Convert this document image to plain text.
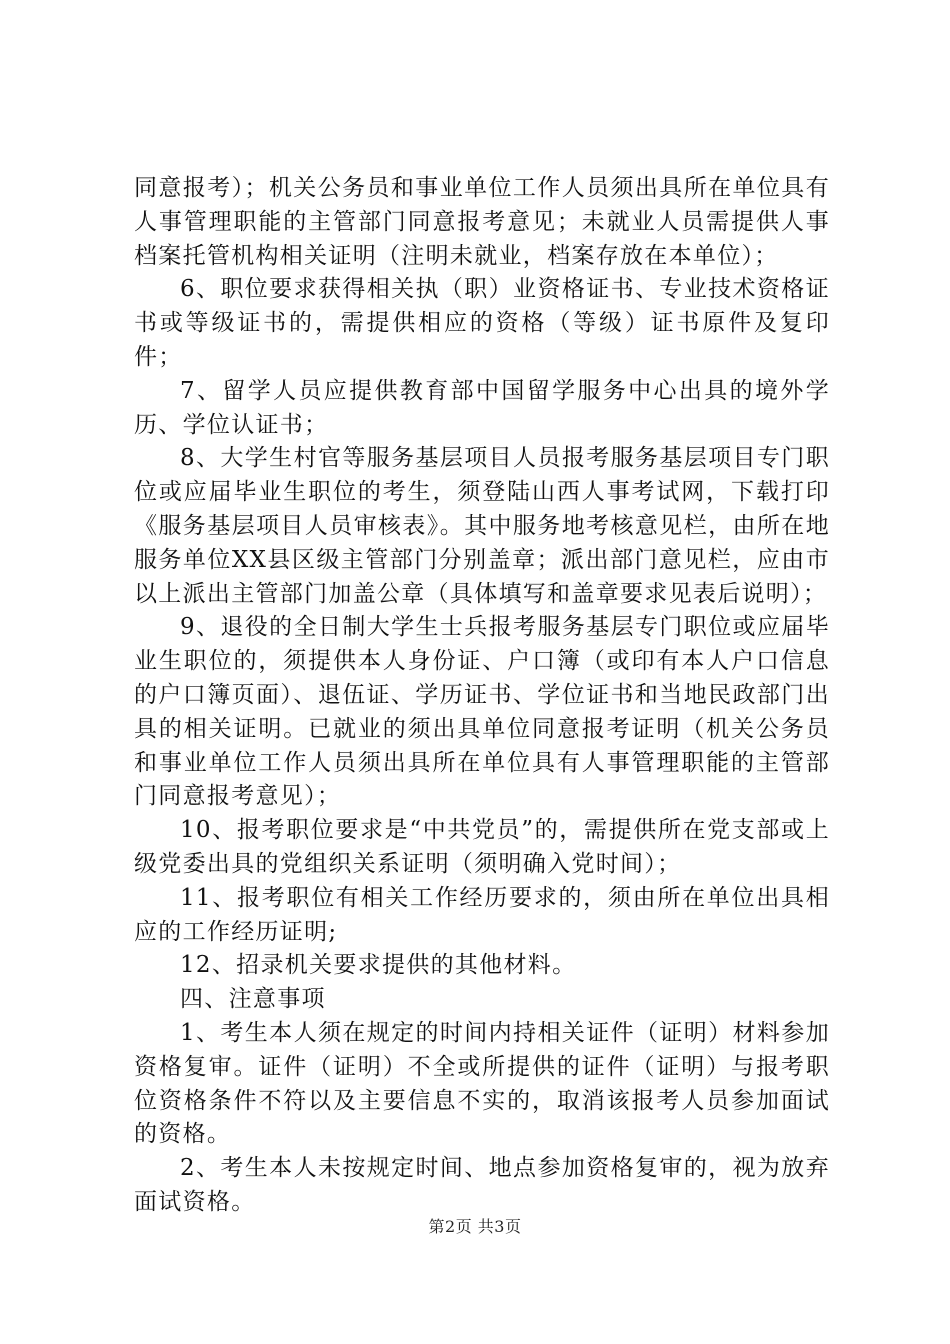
同意报考）；机关公务员和事业单位工作人员须出具所在单位具有人事管理职能的主管部门同意报考意见；未就业人员需提供人事档案托管机构相关证明（注明未就业，档案存放在本单位）；

6、职位要求获得相关执（职）业资格证书、专业技术资格证书或等级证书的，需提供相应的资格（等级）证书原件及复印件；

7、留学人员应提供教育部中国留学服务中心出具的境外学历、学位认证书；

8、大学生村官等服务基层项目人员报考服务基层项目专门职位或应届毕业生职位的考生，须登陆山西人事考试网，下载打印《服务基层项目人员审核表》。其中服务地考核意见栏，由所在地服务单位XX县区级主管部门分别盖章；派出部门意见栏，应由市以上派出主管部门加盖公章（具体填写和盖章要求见表后说明）；

9、退役的全日制大学生士兵报考服务基层专门职位或应届毕业生职位的，须提供本人身份证、户口簿（或印有本人户口信息的户口簿页面）、退伍证、学历证书、学位证书和当地民政部门出具的相关证明。已就业的须出具单位同意报考证明（机关公务员和事业单位工作人员须出具所在单位具有人事管理职能的主管部门同意报考意见）；

10、报考职位要求是“中共党员”的，需提供所在党支部或上级党委出具的党组织关系证明（须明确入党时间）；

11、报考职位有相关工作经历要求的，须由所在单位出具相应的工作经历证明;

12、招录机关要求提供的其他材料。

四、注意事项

1、考生本人须在规定的时间内持相关证件（证明）材料参加资格复审。证件（证明）不全或所提供的证件（证明）与报考职位资格条件不符以及主要信息不实的，取消该报考人员参加面试的资格。

2、考生本人未按规定时间、地点参加资格复审的，视为放弃面试资格。

第2页 共3页
